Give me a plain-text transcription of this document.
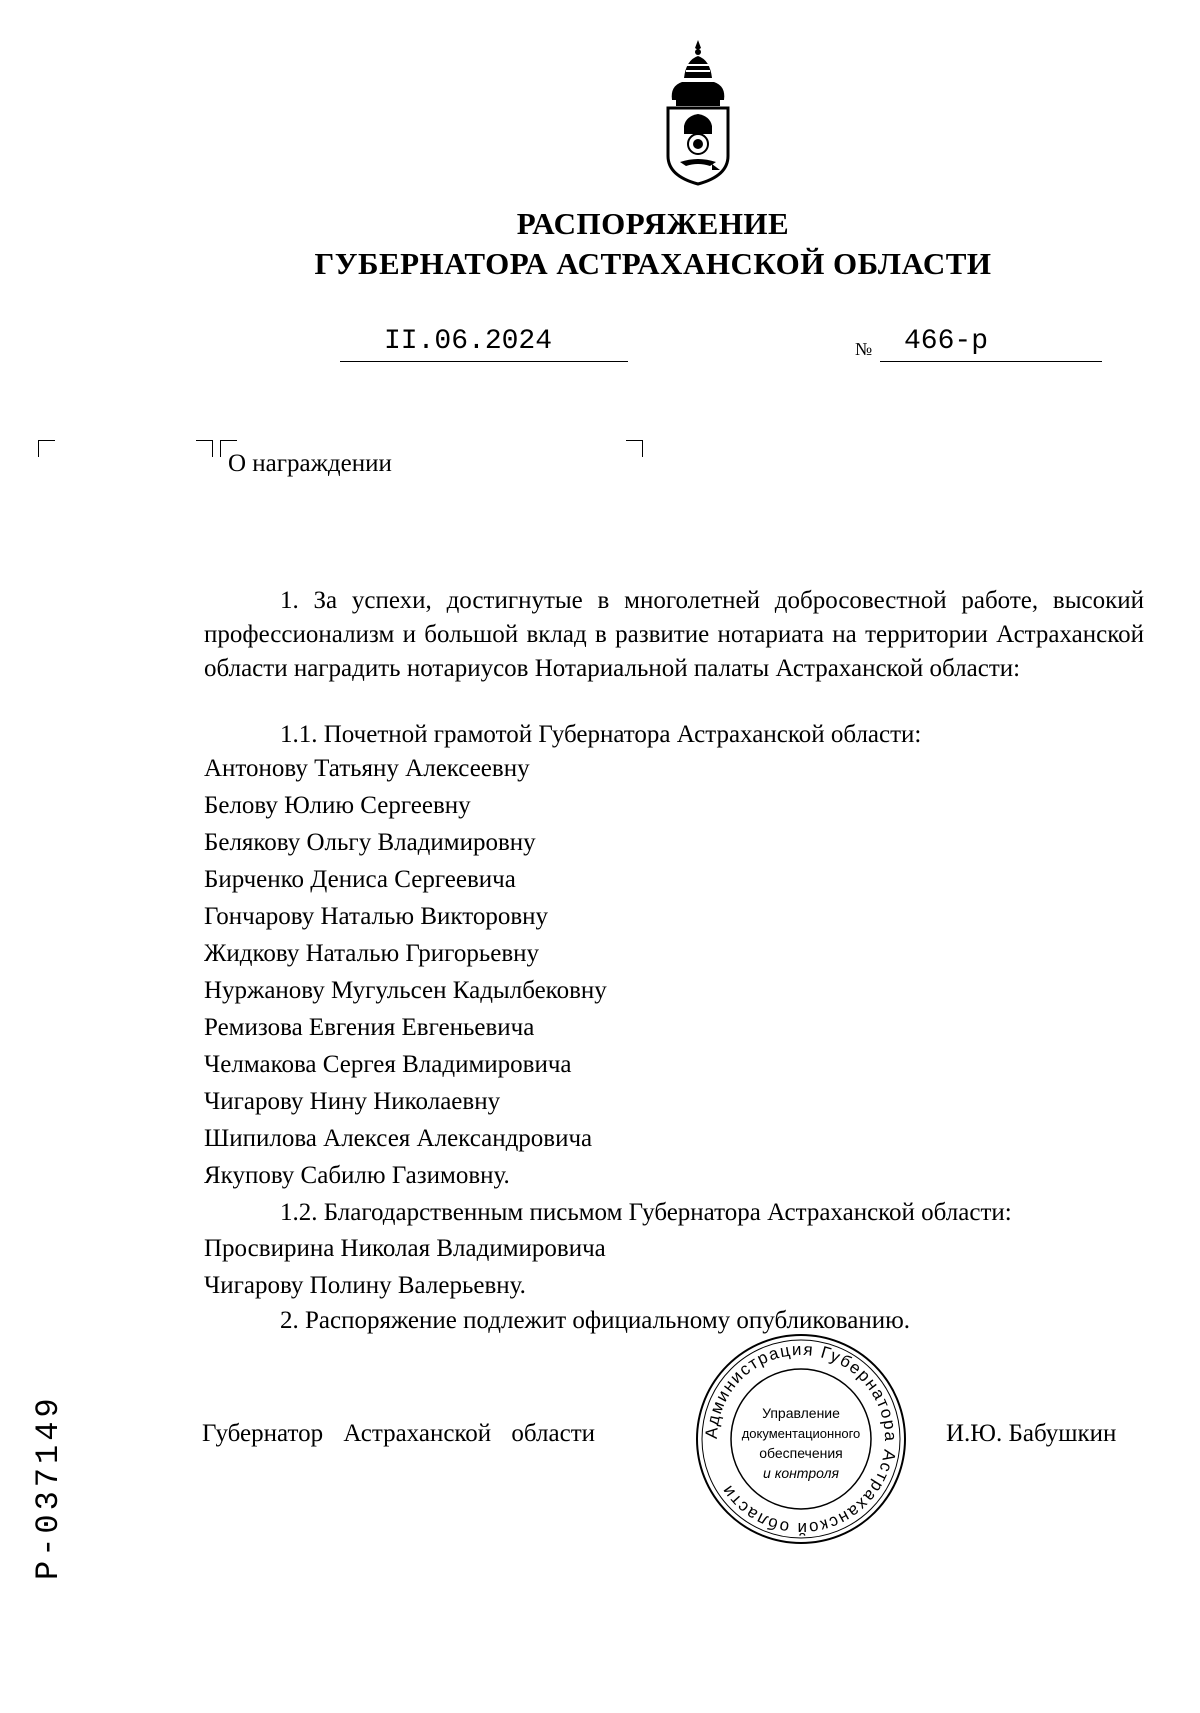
РАСПОРЯЖЕНИЕ
ГУБЕРНАТОРА АСТРАХАНСКОЙ ОБЛАСТИ
II.06.2024	№ 466-р
О награждении
1. За успехи, достигнутые в многолетней добросовестной работе, высокий профессионализм и большой вклад в развитие нотариата на территории Астраханской области наградить нотариусов Нотариальной палаты Астраханской области:
1.1. Почетной грамотой Губернатора Астраханской области:
Антонову Татьяну Алексеевну
Белову Юлию Сергеевну
Белякову Ольгу Владимировну
Бирченко Дениса Сергеевича
Гончарову Наталью Викторовну
Жидкову Наталью Григорьевну
Нуржанову Мугульсен Кадылбековну
Ремизова Евгения Евгеньевича
Челмакова Сергея Владимировича
Чигарову Нину Николаевну
Шипилова Алексея Александровича
Якупову Сабилю Газимовну.
1.2. Благодарственным письмом Губернатора Астраханской области:
Просвирина Николая Владимировича
Чигарову Полину Валерьевну.
2. Распоряжение подлежит официальному опубликованию.
Губернатор Астраханской области	Администрация Губернатора Астраханской области
Управление
документационного
обеспечения
и контроля
И.Ю. Бабушкин
Р-037149
